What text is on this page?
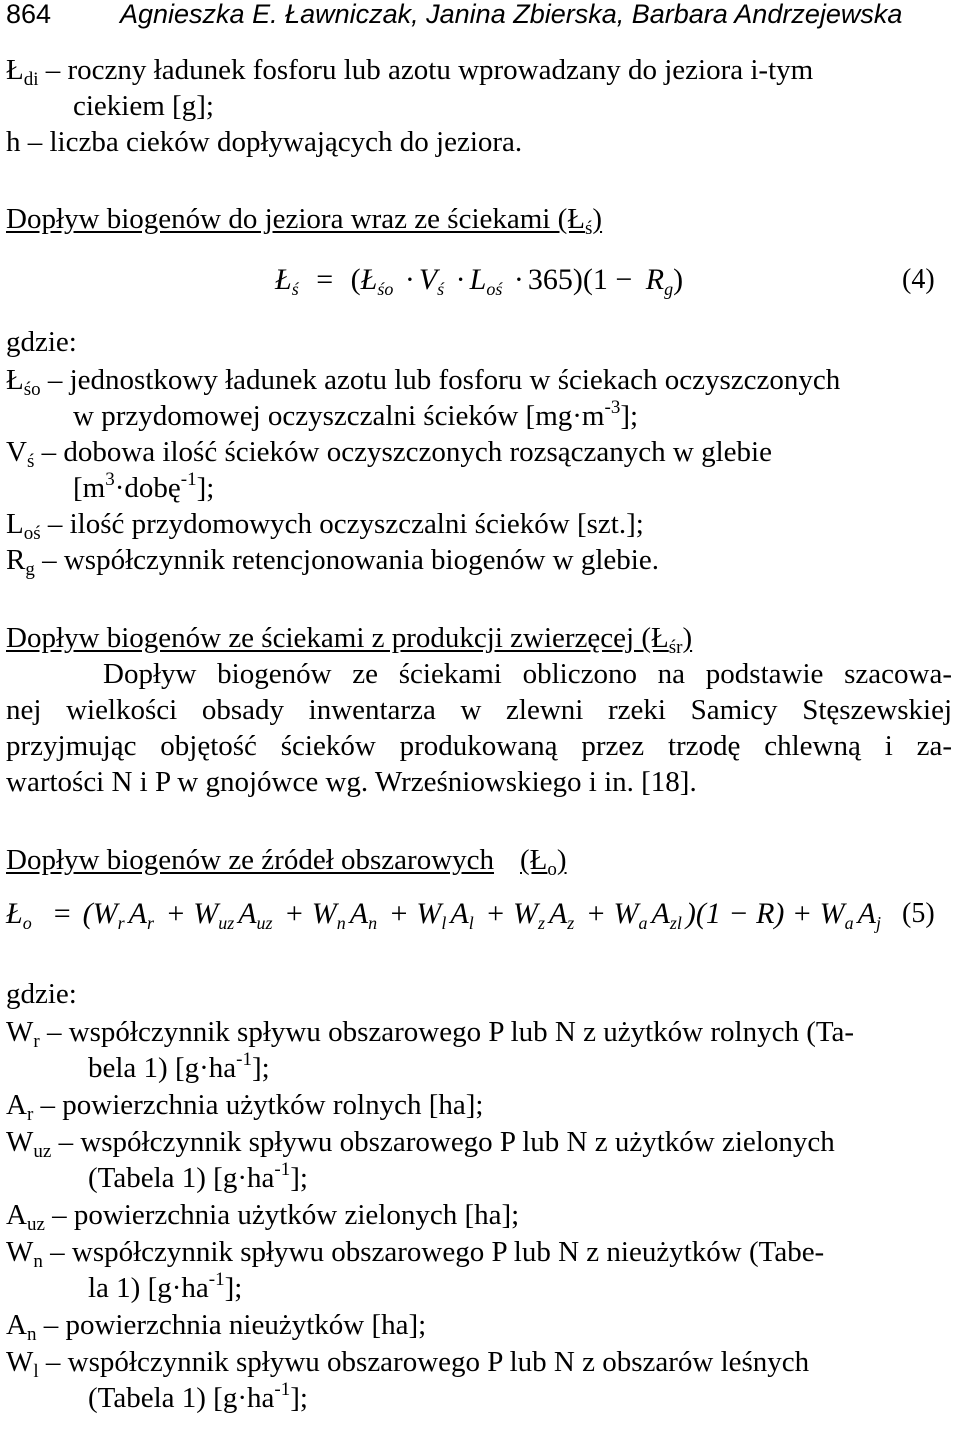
864	Agnieszka E. Ławniczak, Janina Zbierska, Barbara Andrzejewska
$Ł_{di}$ – roczny ładunek fosforu lub azotu wprowadzany do jeziora i-tym
ciekiem [g];
h – liczba cieków dopływających do jeziora.
Dopływ biogenów do jeziora wraz ze ściekami $(Ł_ś)$
$Ł_ś$ = $(Ł_{śo} \cdot V_ś \cdot L_{oś} \cdot 365)(1 - R_g)$	(4)
gdzie:
$Ł_{śo}$ – jednostkowy ładunek azotu lub fosforu w ściekach oczyszczonych
w przydomowej oczyszczalni ścieków $[mg\cdot m^{-3}]$;
$V_ś$ – dobowa ilość ścieków oczyszczonych rozsączanych w glebie
$[m^3\cdot dobę^{-1}]$;
$L_{oś}$ – ilość przydomowych oczyszczalni ścieków [szt.];
$R_g$ – współczynnik retencjonowania biogenów w glebie.
Dopływ biogenów ze ściekami z produkcji zwierzęcej $(Ł_{śr})$
Dopływ biogenów ze ściekami obliczono na podstawie szacowa-
nej wielkości obsady inwentarza w zlewni rzeki Samicy Stęszewskiej
przyjmując objętość ścieków produkowaną przez trzodę chlewną i za-
wartości N i P w gnojówce wg. Wrześniowskiego i in. [18].
Dopływ biogenów ze źródeł obszarowych $(Ł_o)$
$Ł_o = (W_r$ $A_r + W_{uz}$ $A_{uz} + W_n$ $A_n + W_l$ $A_l + W_z$ $A_z + W_a$ $A_{zl}$ )$(1 - R) + W_a$ $A_j$ (5)
gdzie:
$W_r$ – współczynnik spływu obszarowego P lub N z użytków rolnych (Ta-
bela 1) $[g\cdot ha^{-1}]$;
$A_r$ – powierzchnia użytków rolnych [ha];
$W_{uz}$ – współczynnik spływu obszarowego P lub N z użytków zielonych
(Tabela 1) $[g\cdot ha^{-1}]$;
$A_{uz}$ – powierzchnia użytków zielonych [ha];
$W_n$ – współczynnik spływu obszarowego P lub N z nieużytków (Tabe-
la 1) $[g\cdot ha^{-1}]$;
$A_n$ – powierzchnia nieużytków [ha];
$W_l$ – współczynnik spływu obszarowego P lub N z obszarów leśnych
(Tabela 1) $[g\cdot ha^{-1}]$;
